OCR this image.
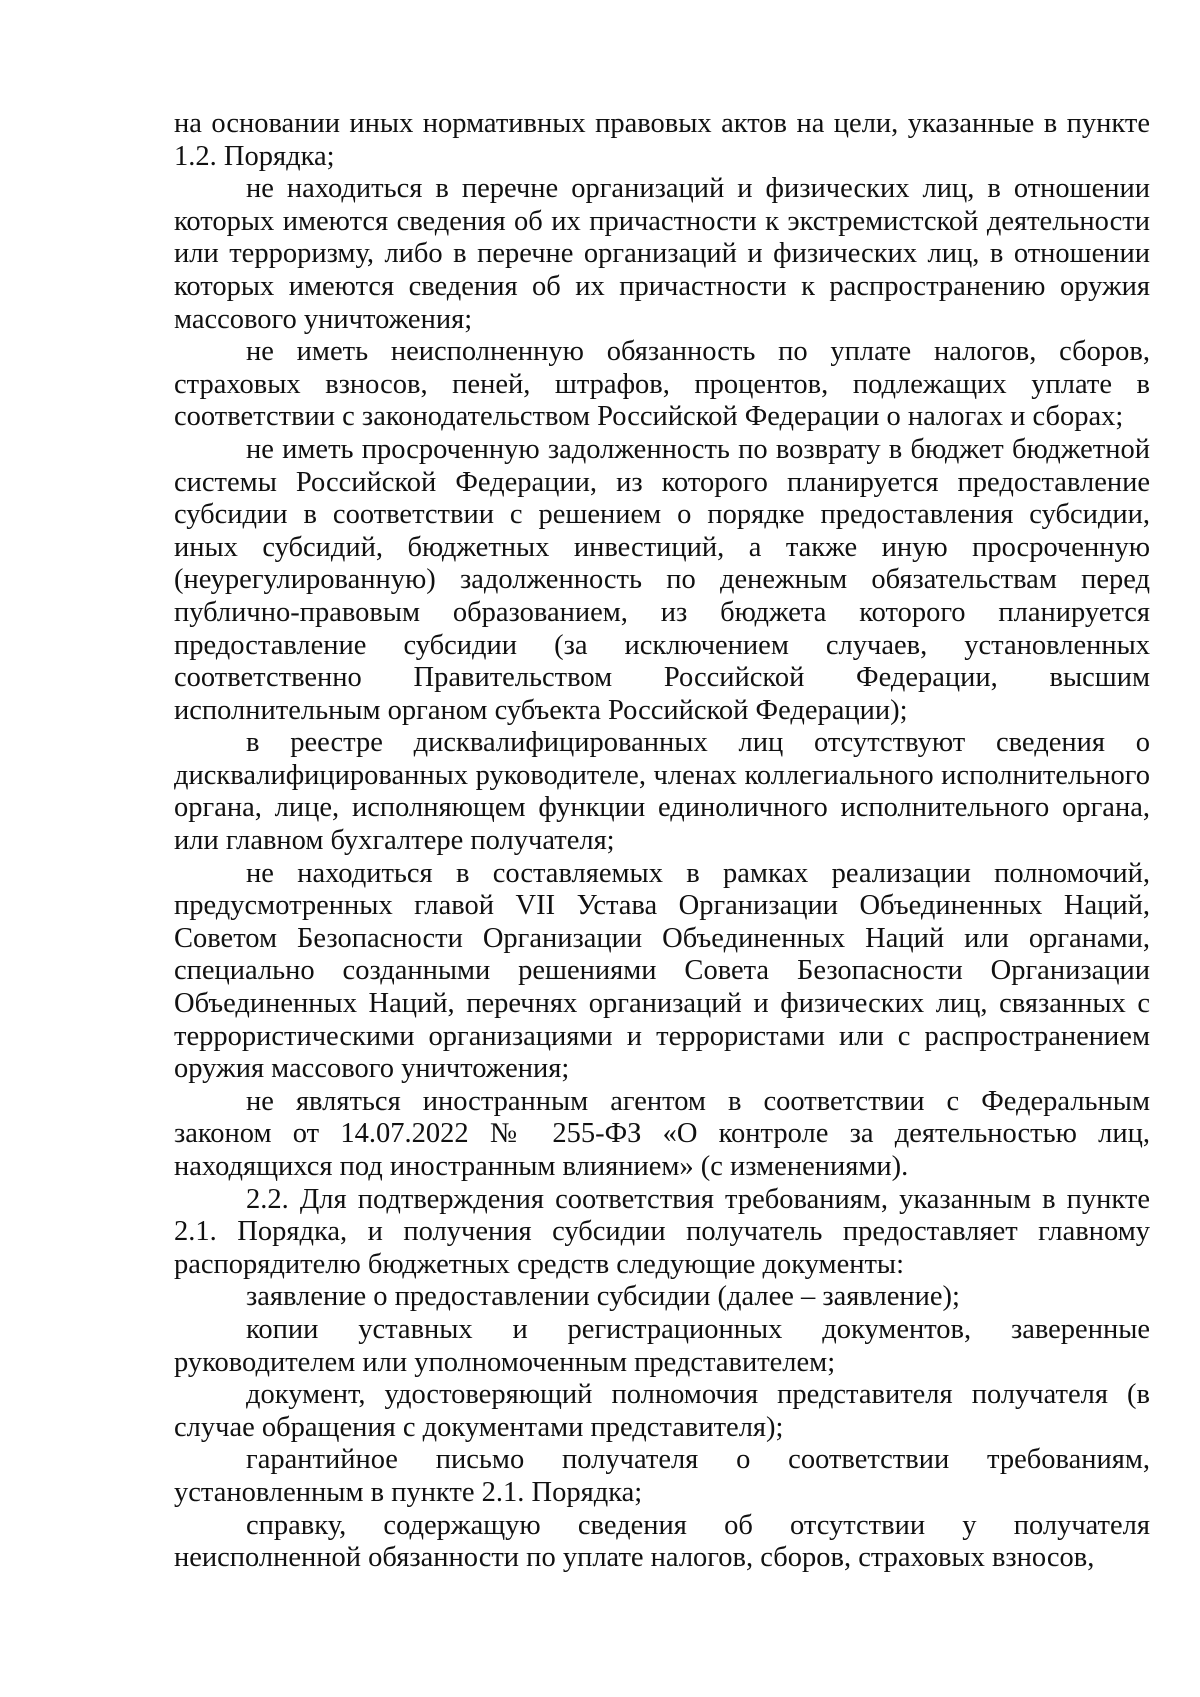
на основании иных нормативных правовых актов на цели, указанные в пункте 1.2. Порядка;

не находиться в перечне организаций и физических лиц, в отношении которых имеются сведения об их причастности к экстремистской деятельности или терроризму, либо в перечне организаций и физических лиц, в отношении которых имеются сведения об их причастности к распространению оружия массового уничтожения;

не иметь неисполненную обязанность по уплате налогов, сборов, страховых взносов, пеней, штрафов, процентов, подлежащих уплате в соответствии с законодательством Российской Федерации о налогах и сборах;

не иметь просроченную задолженность по возврату в бюджет бюджетной системы Российской Федерации, из которого планируется предоставление субсидии в соответствии с решением о порядке предоставления субсидии, иных субсидий, бюджетных инвестиций, а также иную просроченную (неурегулированную) задолженность по денежным обязательствам перед публично-правовым образованием, из бюджета которого планируется предоставление субсидии (за исключением случаев, установленных соответственно Правительством Российской Федерации, высшим исполнительным органом субъекта Российской Федерации);

в реестре дисквалифицированных лиц отсутствуют сведения о дисквалифицированных руководителе, членах коллегиального исполнительного органа, лице, исполняющем функции единоличного исполнительного органа, или главном бухгалтере получателя;

не находиться в составляемых в рамках реализации полномочий, предусмотренных главой VII Устава Организации Объединенных Наций, Советом Безопасности Организации Объединенных Наций или органами, специально созданными решениями Совета Безопасности Организации Объединенных Наций, перечнях организаций и физических лиц, связанных с террористическими организациями и террористами или с распространением оружия массового уничтожения;

не являться иностранным агентом в соответствии с Федеральным законом от 14.07.2022 № 255-ФЗ «О контроле за деятельностью лиц, находящихся под иностранным влиянием» (с изменениями).

2.2. Для подтверждения соответствия требованиям, указанным в пункте 2.1. Порядка, и получения субсидии получатель предоставляет главному распорядителю бюджетных средств следующие документы:

заявление о предоставлении субсидии (далее – заявление);

копии уставных и регистрационных документов, заверенные руководителем или уполномоченным представителем;

документ, удостоверяющий полномочия представителя получателя (в случае обращения с документами представителя);

гарантийное письмо получателя о соответствии требованиям, установленным в пункте 2.1. Порядка;

справку, содержащую сведения об отсутствии у получателя неисполненной обязанности по уплате налогов, сборов, страховых взносов,
